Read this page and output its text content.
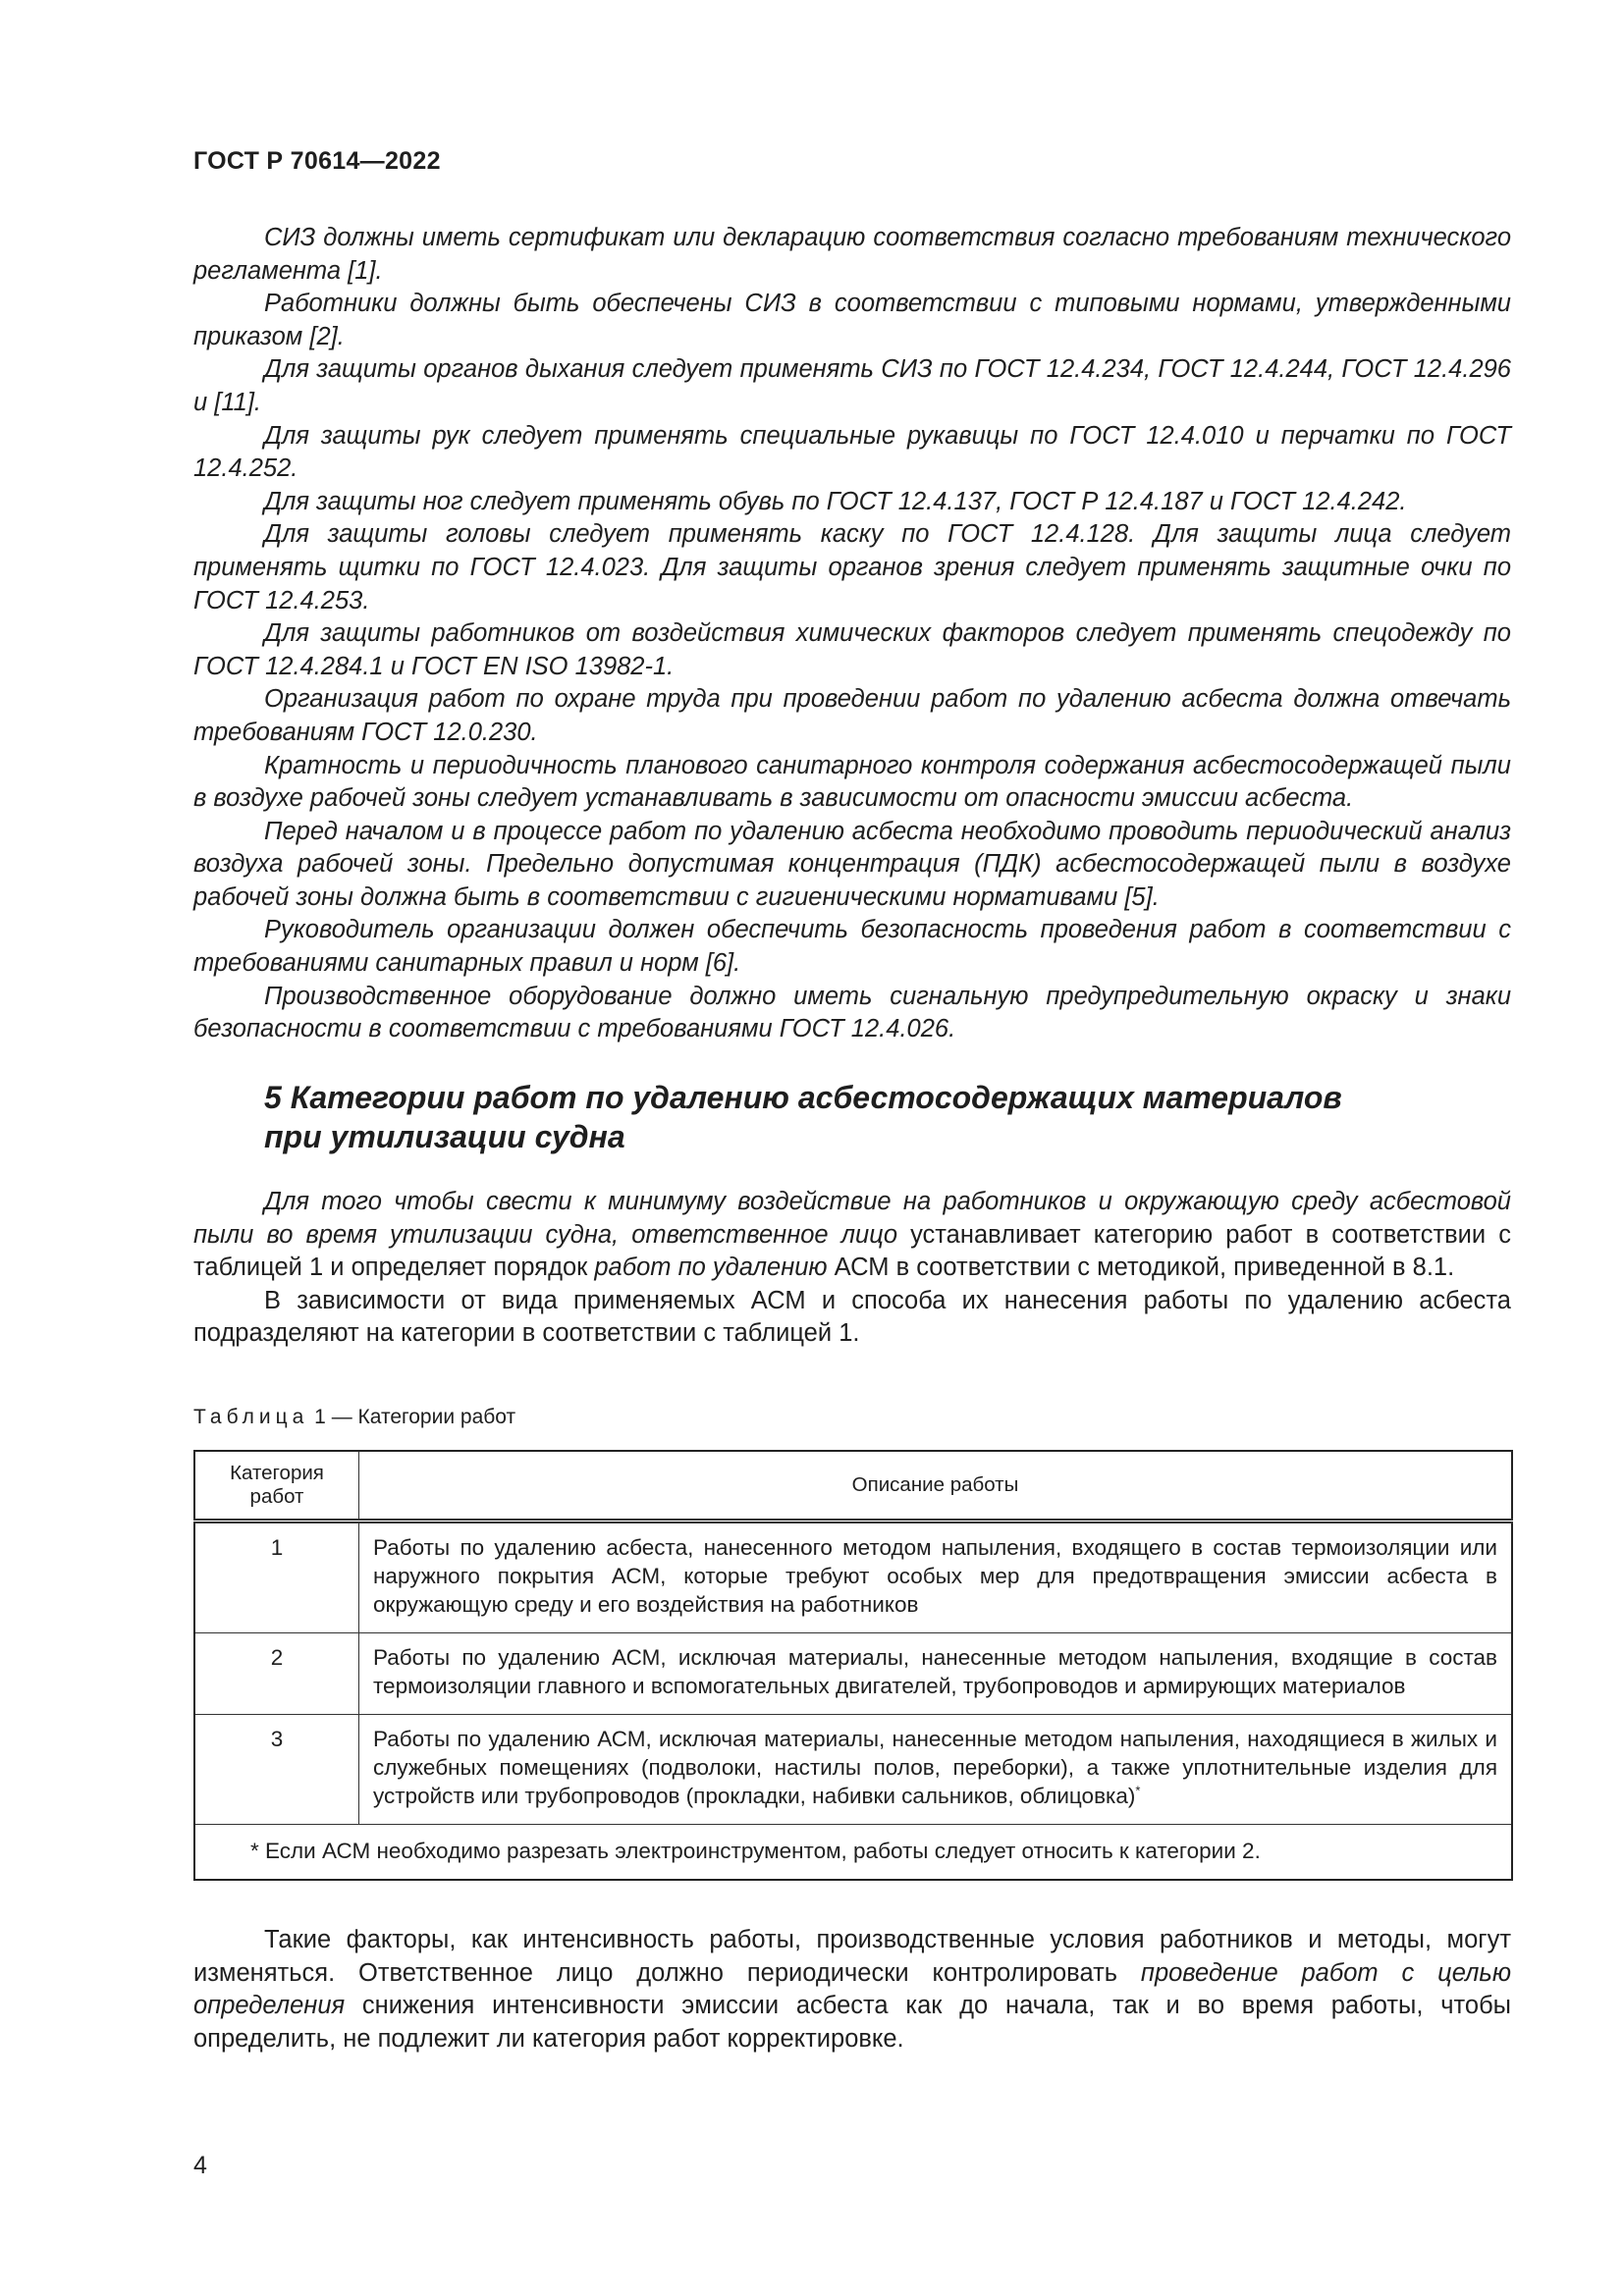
ГОСТ Р 70614—2022

СИЗ должны иметь сертификат или декларацию соответствия согласно требованиям технического регламента [1].

Работники должны быть обеспечены СИЗ в соответствии с типовыми нормами, утвержденными приказом [2].

Для защиты органов дыхания следует применять СИЗ по ГОСТ 12.4.234, ГОСТ 12.4.244, ГОСТ 12.4.296 и [11].

Для защиты рук следует применять специальные рукавицы по ГОСТ 12.4.010 и перчатки по ГОСТ 12.4.252.

Для защиты ног следует применять обувь по ГОСТ 12.4.137, ГОСТ Р 12.4.187 и ГОСТ 12.4.242.

Для защиты головы следует применять каску по ГОСТ 12.4.128. Для защиты лица следует применять щитки по ГОСТ 12.4.023. Для защиты органов зрения следует применять защитные очки по ГОСТ 12.4.253.

Для защиты работников от воздействия химических факторов следует применять спецодежду по ГОСТ 12.4.284.1 и ГОСТ EN ISO 13982-1.

Организация работ по охране труда при проведении работ по удалению асбеста должна отвечать требованиям ГОСТ 12.0.230.

Кратность и периодичность планового санитарного контроля содержания асбестосодержащей пыли в воздухе рабочей зоны следует устанавливать в зависимости от опасности эмиссии асбеста.

Перед началом и в процессе работ по удалению асбеста необходимо проводить периодический анализ воздуха рабочей зоны. Предельно допустимая концентрация (ПДК) асбестосодержащей пыли в воздухе рабочей зоны должна быть в соответствии с гигиеническими нормативами [5].

Руководитель организации должен обеспечить безопасность проведения работ в соответствии с требованиями санитарных правил и норм [6].

Производственное оборудование должно иметь сигнальную предупредительную окраску и знаки безопасности в соответствии с требованиями ГОСТ 12.4.026.

5 Категории работ по удалению асбестосодержащих материалов
при утилизации судна

Для того чтобы свести к минимуму воздействие на работников и окружающую среду асбестовой пыли во время утилизации судна, ответственное лицо устанавливает категорию работ в соответствии с таблицей 1 и определяет порядок работ по удалению АСМ в соответствии с методикой, приведенной в 8.1.

В зависимости от вида применяемых АСМ и способа их нанесения работы по удалению асбеста подразделяют на категории в соответствии с таблицей 1.

Таблица 1 — Категории работ
Категория работ	Описание работы
1	Работы по удалению асбеста, нанесенного методом напыления, входящего в состав термоизоляции или наружного покрытия АСМ, которые требуют особых мер для предотвращения эмиссии асбеста в окружающую среду и его воздействия на работников
2	Работы по удалению АСМ, исключая материалы, нанесенные методом напыления, входящие в состав термоизоляции главного и вспомогательных двигателей, трубопроводов и армирующих материалов
3	Работы по удалению АСМ, исключая материалы, нанесенные методом напыления, находящиеся в жилых и служебных помещениях (подволоки, настилы полов, переборки), а также уплотнительные изделия для устройств или трубопроводов (прокладки, набивки сальников, облицовка)*
* Если АСМ необходимо разрезать электроинструментом, работы следует относить к категории 2.	

Такие факторы, как интенсивность работы, производственные условия работников и методы, могут изменяться. Ответственное лицо должно периодически контролировать проведение работ с целью определения снижения интенсивности эмиссии асбеста как до начала, так и во время работы, чтобы определить, не подлежит ли категория работ корректировке.

4
